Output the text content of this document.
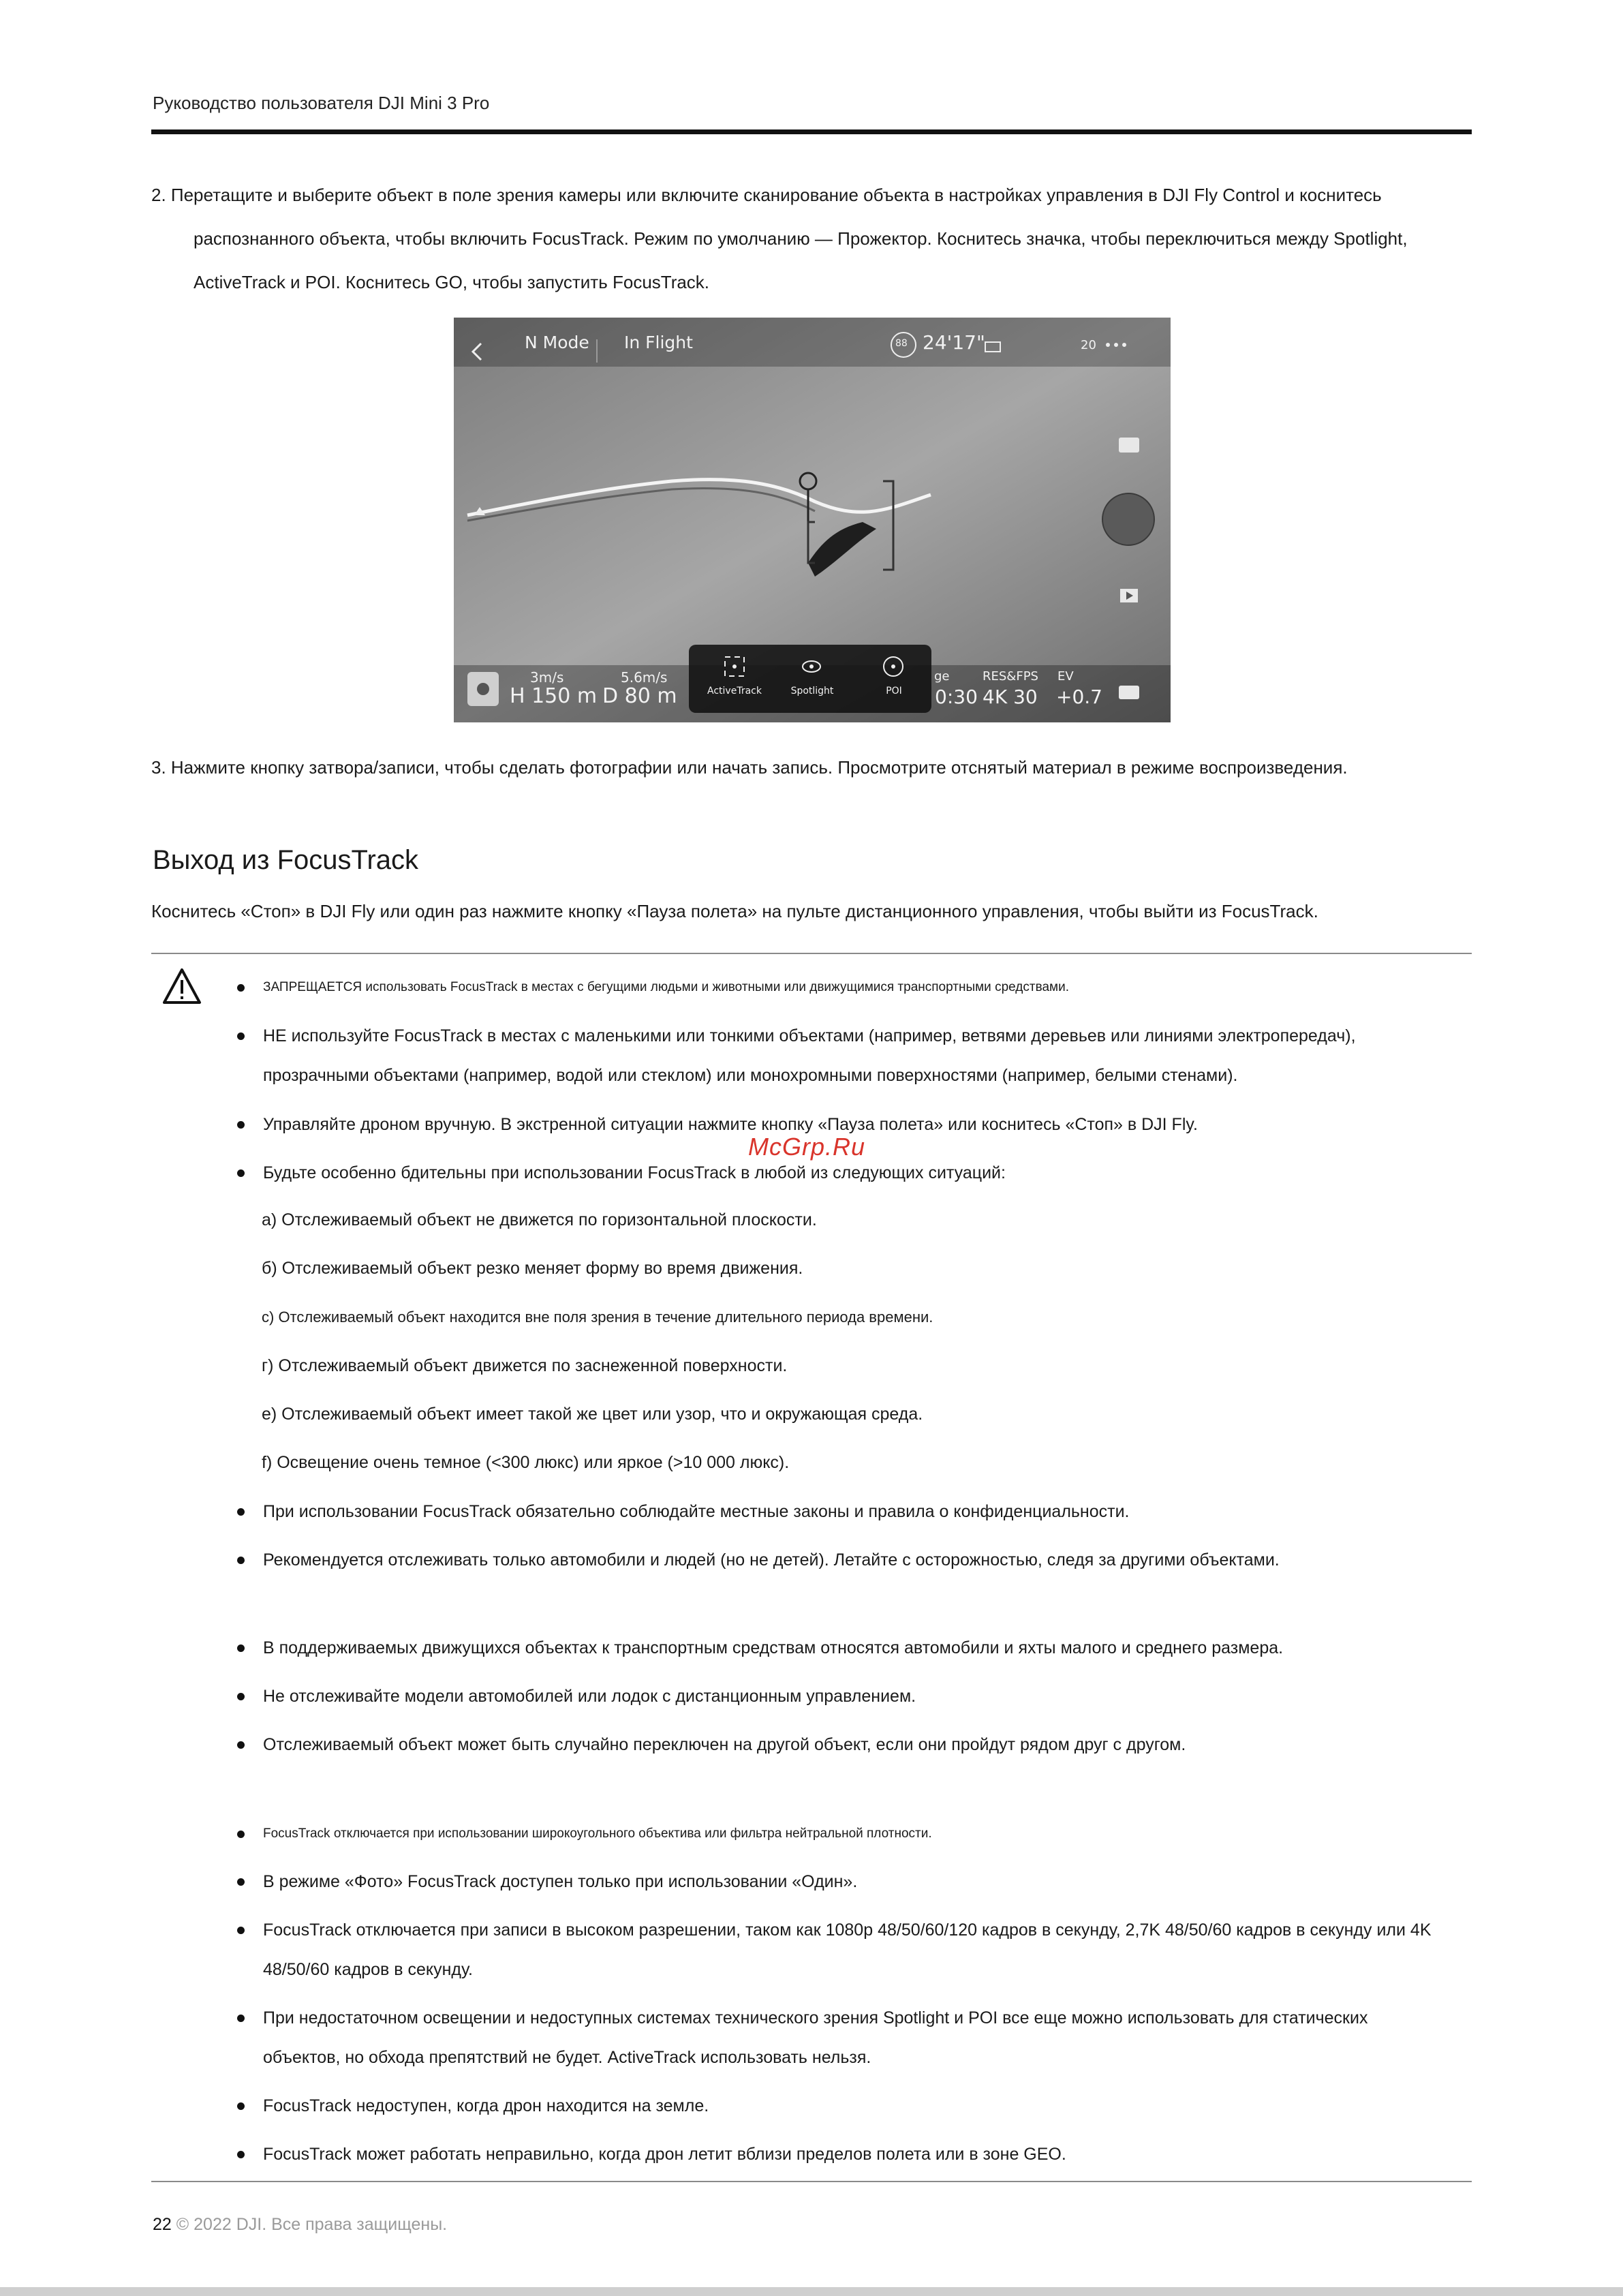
Руководство пользователя DJI Mini 3 Pro
2. Перетащите и выберите объект в поле зрения камеры или включите сканирование объекта в настройках управления в DJI Fly Control и коснитесь
распознанного объекта, чтобы включить FocusTrack. Режим по умолчанию — Прожектор. Коснитесь значка, чтобы переключиться между Spotlight,
ActiveTrack и POI. Коснитесь GO, чтобы запустить FocusTrack.
N Mode In Flight	88 24'17"	20
3m/s
H 150 m
5.6m/s
D 80 m	ActiveTrack	Spotlight	POI
ge
0:30
RES&FPS
4K 30
EV
+0.7
3. Нажмите кнопку затвора/записи, чтобы сделать фотографии или начать запись. Просмотрите отснятый материал в режиме воспроизведения.
Выход из FocusTrack
Коснитесь «Стоп» в DJI Fly или один раз нажмите кнопку «Пауза полета» на пульте дистанционного управления, чтобы выйти из FocusTrack.
ЗАПРЕЩАЕТСЯ использовать FocusTrack в местах с бегущими людьми и животными или движущимися транспортными средствами.
НЕ используйте FocusTrack в местах с маленькими или тонкими объектами (например, ветвями деревьев или линиями электропередач),
прозрачными объектами (например, водой или стеклом) или монохромными поверхностями (например, белыми стенами).
Управляйте дроном вручную. В экстренной ситуации нажмите кнопку «Пауза полета» или коснитесь «Стоп» в DJI Fly.
McGrp.Ru
Будьте особенно бдительны при использовании FocusTrack в любой из следующих ситуаций:
а) Отслеживаемый объект не движется по горизонтальной плоскости.
б) Отслеживаемый объект резко меняет форму во время движения.
c) Отслеживаемый объект находится вне поля зрения в течение длительного периода времени.
г) Отслеживаемый объект движется по заснеженной поверхности.
е) Отслеживаемый объект имеет такой же цвет или узор, что и окружающая среда.
f) Освещение очень темное (<300 люкс) или яркое (>10 000 люкс).
При использовании FocusTrack обязательно соблюдайте местные законы и правила о конфиденциальности.
Рекомендуется отслеживать только автомобили и людей (но не детей). Летайте с осторожностью, следя за другими объектами.
В поддерживаемых движущихся объектах к транспортным средствам относятся автомобили и яхты малого и среднего размера.
Не отслеживайте модели автомобилей или лодок с дистанционным управлением.
Отслеживаемый объект может быть случайно переключен на другой объект, если они пройдут рядом друг с другом.
FocusTrack отключается при использовании широкоугольного объектива или фильтра нейтральной плотности.
В режиме «Фото» FocusTrack доступен только при использовании «Один».
FocusTrack отключается при записи в высоком разрешении, таком как 1080p 48/50/60/120 кадров в секунду, 2,7K 48/50/60 кадров в секунду или 4K
48/50/60 кадров в секунду.
При недостаточном освещении и недоступных системах технического зрения Spotlight и POI все еще можно использовать для статических
объектов, но обхода препятствий не будет. ActiveTrack использовать нельзя.
FocusTrack недоступен, когда дрон находится на земле.
FocusTrack может работать неправильно, когда дрон летит вблизи пределов полета или в зоне GEO.
22 © 2022 DJI. Все права защищены.
